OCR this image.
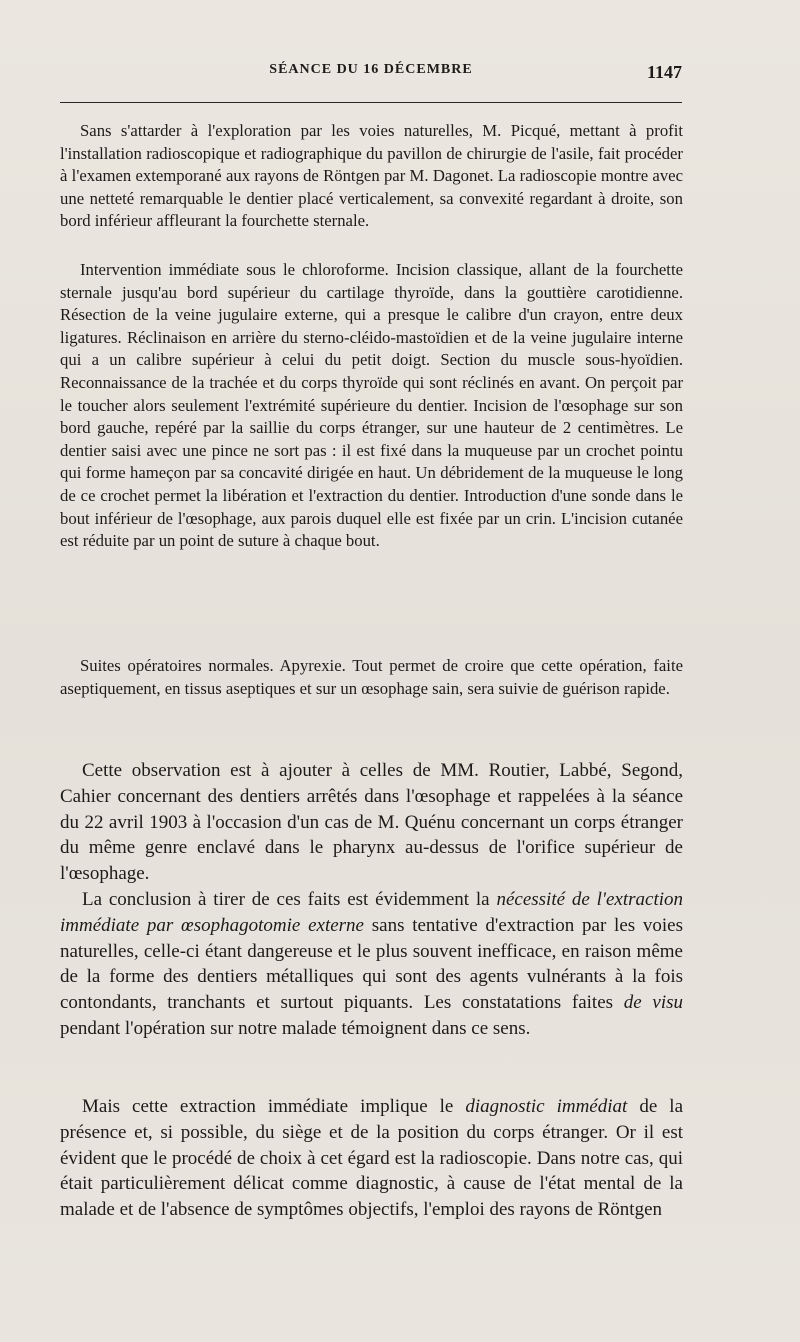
SÉANCE DU 16 DÉCEMBRE	1147

Sans s'attarder à l'exploration par les voies naturelles, M. Picqué, mettant à profit l'installation radioscopique et radiographique du pavillon de chirurgie de l'asile, fait procéder à l'examen extemporané aux rayons de Röntgen par M. Dagonet. La radioscopie montre avec une netteté remarquable le dentier placé verticalement, sa convexité regardant à droite, son bord inférieur affleurant la fourchette sternale.

Intervention immédiate sous le chloroforme. Incision classique, allant de la fourchette sternale jusqu'au bord supérieur du cartilage thyroïde, dans la gouttière carotidienne. Résection de la veine jugulaire externe, qui a presque le calibre d'un crayon, entre deux ligatures. Réclinaison en arrière du sterno-cléido-mastoïdien et de la veine jugulaire interne qui a un calibre supérieur à celui du petit doigt. Section du muscle sous-hyoïdien. Reconnaissance de la trachée et du corps thyroïde qui sont réclinés en avant. On perçoit par le toucher alors seulement l'extrémité supérieure du dentier. Incision de l'œsophage sur son bord gauche, repéré par la saillie du corps étranger, sur une hauteur de 2 centimètres. Le dentier saisi avec une pince ne sort pas : il est fixé dans la muqueuse par un crochet pointu qui forme hameçon par sa concavité dirigée en haut. Un débridement de la muqueuse le long de ce crochet permet la libération et l'extraction du dentier. Introduction d'une sonde dans le bout inférieur de l'œsophage, aux parois duquel elle est fixée par un crin. L'incision cutanée est réduite par un point de suture à chaque bout.

Suites opératoires normales. Apyrexie. Tout permet de croire que cette opération, faite aseptiquement, en tissus aseptiques et sur un œsophage sain, sera suivie de guérison rapide.

Cette observation est à ajouter à celles de MM. Routier, Labbé, Segond, Cahier concernant des dentiers arrêtés dans l'œsophage et rappelées à la séance du 22 avril 1903 à l'occasion d'un cas de M. Quénu concernant un corps étranger du même genre enclavé dans le pharynx au-dessus de l'orifice supérieur de l'œsophage.

La conclusion à tirer de ces faits est évidemment la nécessité de l'extraction immédiate par œsophagotomie externe sans tentative d'extraction par les voies naturelles, celle-ci étant dangereuse et le plus souvent inefficace, en raison même de la forme des dentiers métalliques qui sont des agents vulnérants à la fois contondants, tranchants et surtout piquants. Les constatations faites de visu pendant l'opération sur notre malade témoignent dans ce sens.

Mais cette extraction immédiate implique le diagnostic immédiat de la présence et, si possible, du siège et de la position du corps étranger. Or il est évident que le procédé de choix à cet égard est la radioscopie. Dans notre cas, qui était particulièrement délicat comme diagnostic, à cause de l'état mental de la malade et de l'absence de symptômes objectifs, l'emploi des rayons de Röntgen
